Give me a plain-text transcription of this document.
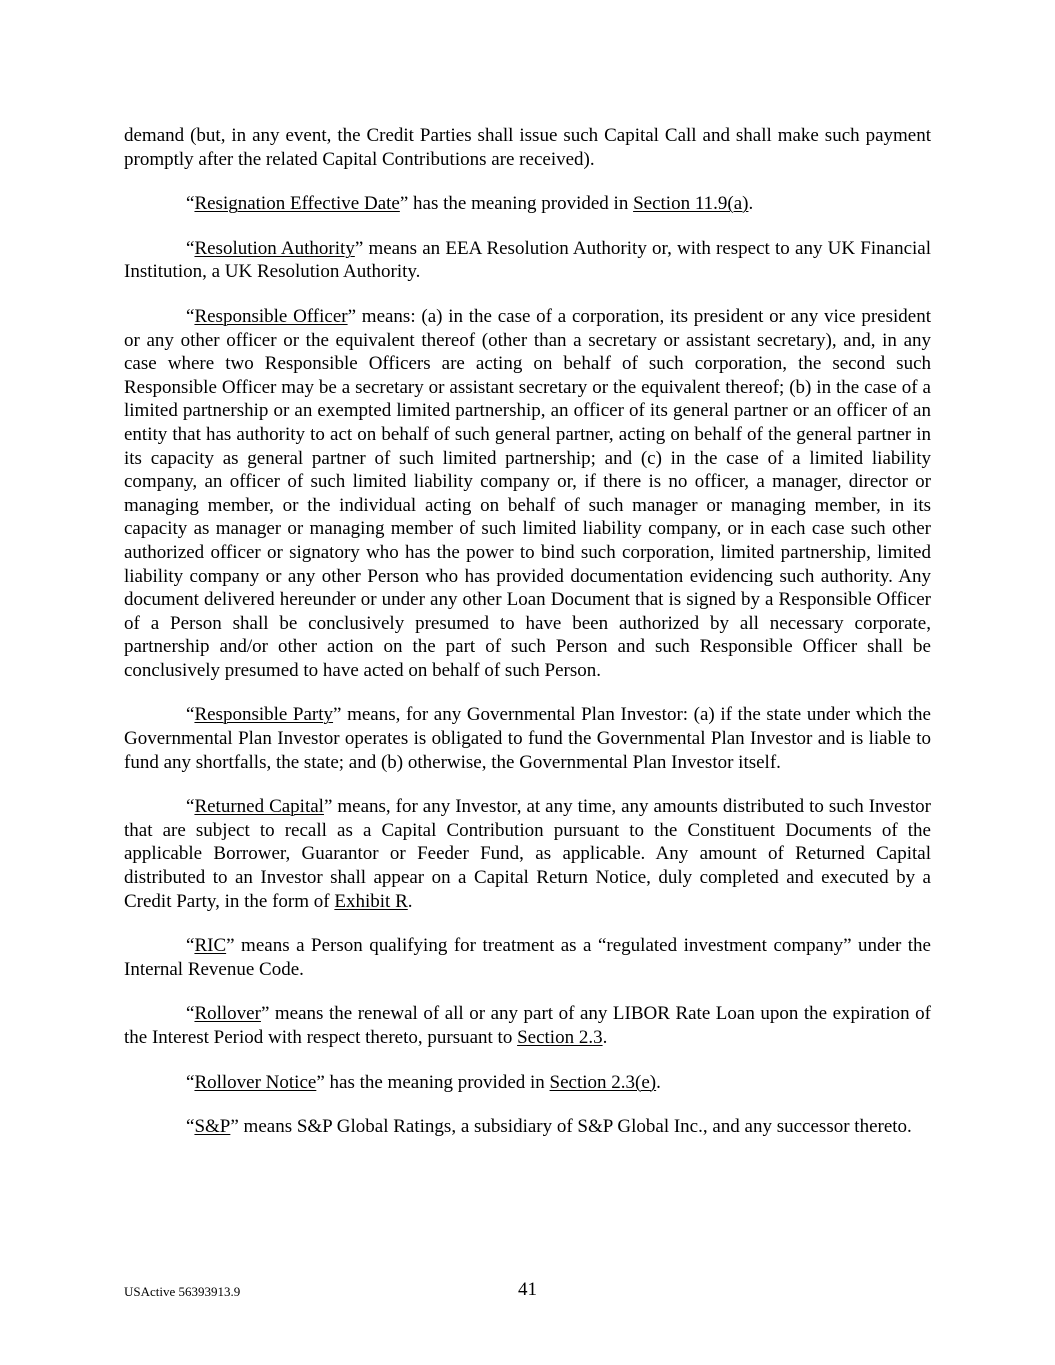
demand (but, in any event, the Credit Parties shall issue such Capital Call and shall make such payment promptly after the related Capital Contributions are received).

“Resignation Effective Date” has the meaning provided in Section 11.9(a).

“Resolution Authority” means an EEA Resolution Authority or, with respect to any UK Financial Institution, a UK Resolution Authority.

“Responsible Officer” means: (a) in the case of a corporation, its president or any vice president or any other officer or the equivalent thereof (other than a secretary or assistant secretary), and, in any case where two Responsible Officers are acting on behalf of such corporation, the second such Responsible Officer may be a secretary or assistant secretary or the equivalent thereof; (b) in the case of a limited partnership or an exempted limited partnership, an officer of its general partner or an officer of an entity that has authority to act on behalf of such general partner, acting on behalf of the general partner in its capacity as general partner of such limited partnership; and (c) in the case of a limited liability company, an officer of such limited liability company or, if there is no officer, a manager, director or managing member, or the individual acting on behalf of such manager or managing member, in its capacity as manager or managing member of such limited liability company, or in each case such other authorized officer or signatory who has the power to bind such corporation, limited partnership, limited liability company or any other Person who has provided documentation evidencing such authority. Any document delivered hereunder or under any other Loan Document that is signed by a Responsible Officer of a Person shall be conclusively presumed to have been authorized by all necessary corporate, partnership and/or other action on the part of such Person and such Responsible Officer shall be conclusively presumed to have acted on behalf of such Person.

“Responsible Party” means, for any Governmental Plan Investor: (a) if the state under which the Governmental Plan Investor operates is obligated to fund the Governmental Plan Investor and is liable to fund any shortfalls, the state; and (b) otherwise, the Governmental Plan Investor itself.

“Returned Capital” means, for any Investor, at any time, any amounts distributed to such Investor that are subject to recall as a Capital Contribution pursuant to the Constituent Documents of the applicable Borrower, Guarantor or Feeder Fund, as applicable. Any amount of Returned Capital distributed to an Investor shall appear on a Capital Return Notice, duly completed and executed by a Credit Party, in the form of Exhibit R.

“RIC” means a Person qualifying for treatment as a “regulated investment company” under the Internal Revenue Code.

“Rollover” means the renewal of all or any part of any LIBOR Rate Loan upon the expiration of the Interest Period with respect thereto, pursuant to Section 2.3.

“Rollover Notice” has the meaning provided in Section 2.3(e).

“S&P” means S&P Global Ratings, a subsidiary of S&P Global Inc., and any successor thereto.

USActive 56393913.9	41
